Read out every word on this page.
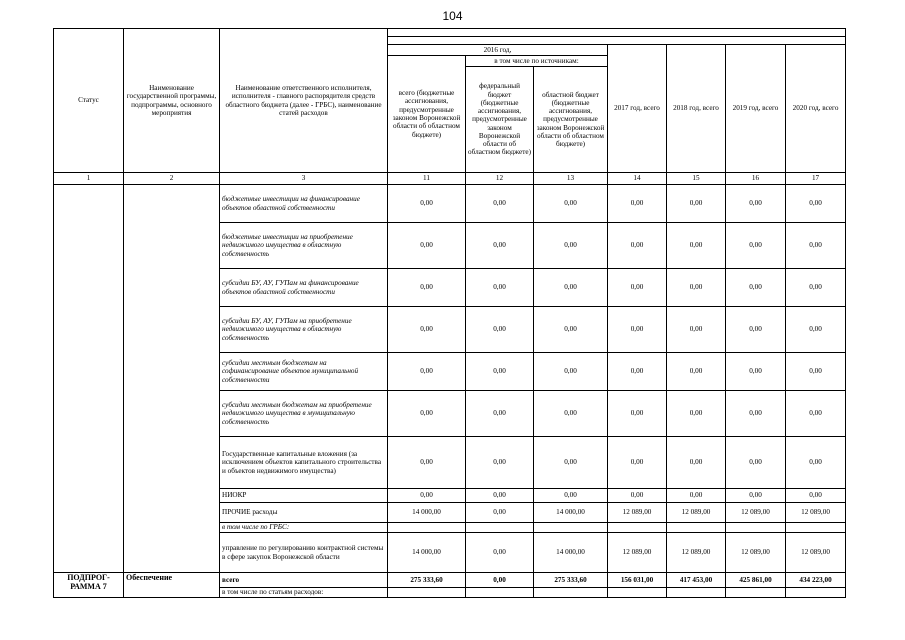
104
Статус	Наименование государственной программы, подпрограммы, основного мероприятия	Наименование ответственного исполнителя, исполнителя - главного распорядителя средств областного бюджета (далее - ГРБС), наименование статей расходов							

			2016 год,			2017 год, всего	2018 год, всего	2019 год, всего	2020 год, всего
			всего (бюджетные ассигнования, предусмотренные законом Воронежской области об областном бюджете)	в том числе по источникам:					
				федеральный бюджет (бюджетные ассигнования, предусмотренные законом Воронежской области об областном бюджете)	областной бюджет (бюджетные ассигнования, предусмотренные законом Воронежской области об областном бюджете)				
1	2	3	11	12	13	14	15	16	17
		бюджетные инвестиции на финансирование объектов областной собственности	0,00	0,00	0,00	0,00	0,00	0,00	0,00
		бюджетные инвестиции на приобретение недвижимого имущества в областную собственность	0,00	0,00	0,00	0,00	0,00	0,00	0,00
		субсидии БУ, АУ, ГУПам на финансирование объектов областной собственности	0,00	0,00	0,00	0,00	0,00	0,00	0,00
		субсидии БУ, АУ, ГУПам на приобретение недвижимого имущества в областную собственность	0,00	0,00	0,00	0,00	0,00	0,00	0,00
		субсидии местным бюджетам на софинансирование объектов муниципальной собственности	0,00	0,00	0,00	0,00	0,00	0,00	0,00
		субсидии местным бюджетам на приобретение недвижимого имущества в муниципальную собственность	0,00	0,00	0,00	0,00	0,00	0,00	0,00
		Государственные капитальные вложения (за исключением объектов капитального строительства и объектов недвижимого имущества)	0,00	0,00	0,00	0,00	0,00	0,00	0,00
		НИОКР	0,00	0,00	0,00	0,00	0,00	0,00	0,00
		ПРОЧИЕ расходы	14 000,00	0,00	14 000,00	12 089,00	12 089,00	12 089,00	12 089,00
		в том числе по ГРБС:							
		управление по регулированию контрактной системы в сфере закупок Воронежской области	14 000,00	0,00	14 000,00	12 089,00	12 089,00	12 089,00	12 089,00
ПОДПРОГ-РАММА 7	Обеспечение	всего	275 333,60	0,00	275 333,60	156 031,00	417 453,00	425 861,00	434 223,00
		в том числе по статьям расходов:							
